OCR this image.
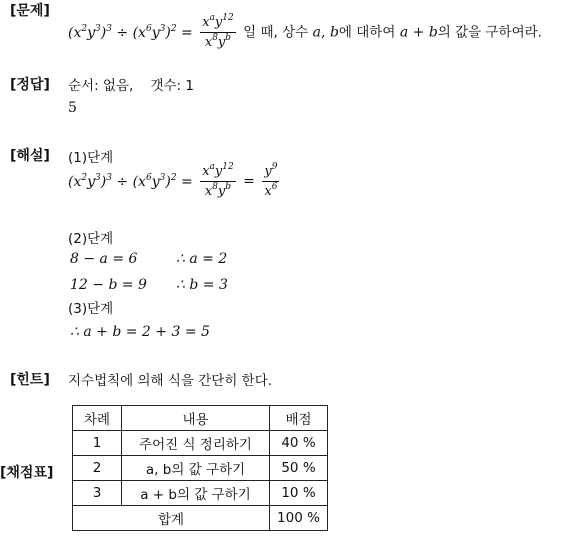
[문제]
$(x^2y^3)^3 \div (x^6y^3)^2 = \frac{x^ay^{12}}{x^8y^b}$ 일 때, 상수 a, b에 대하여 a + b의 값을 구하여라.
[정답] 순서: 없음, 갯수: 1
5
[해설] (1)단계
$(x^2y^3)^3 \div (x^6y^3)^2 = \frac{x^ay^{12}}{x^8y^b} = \frac{y^9}{x^6}$
(2)단계
8 − a = 6	∴ a = 2
12 − b = 9 ∴ b = 3
(3)단계
∴ a + b = 2 + 3 = 5
[힌트] 지수법칙에 의해 식을 간단히 한다.
[채점표]
차례	내용	배점
1	주어진 식 정리하기	40 %
2	a, b의 값 구하기	50 %
3	a + b의 값 구하기	10 %
합계		100 %
